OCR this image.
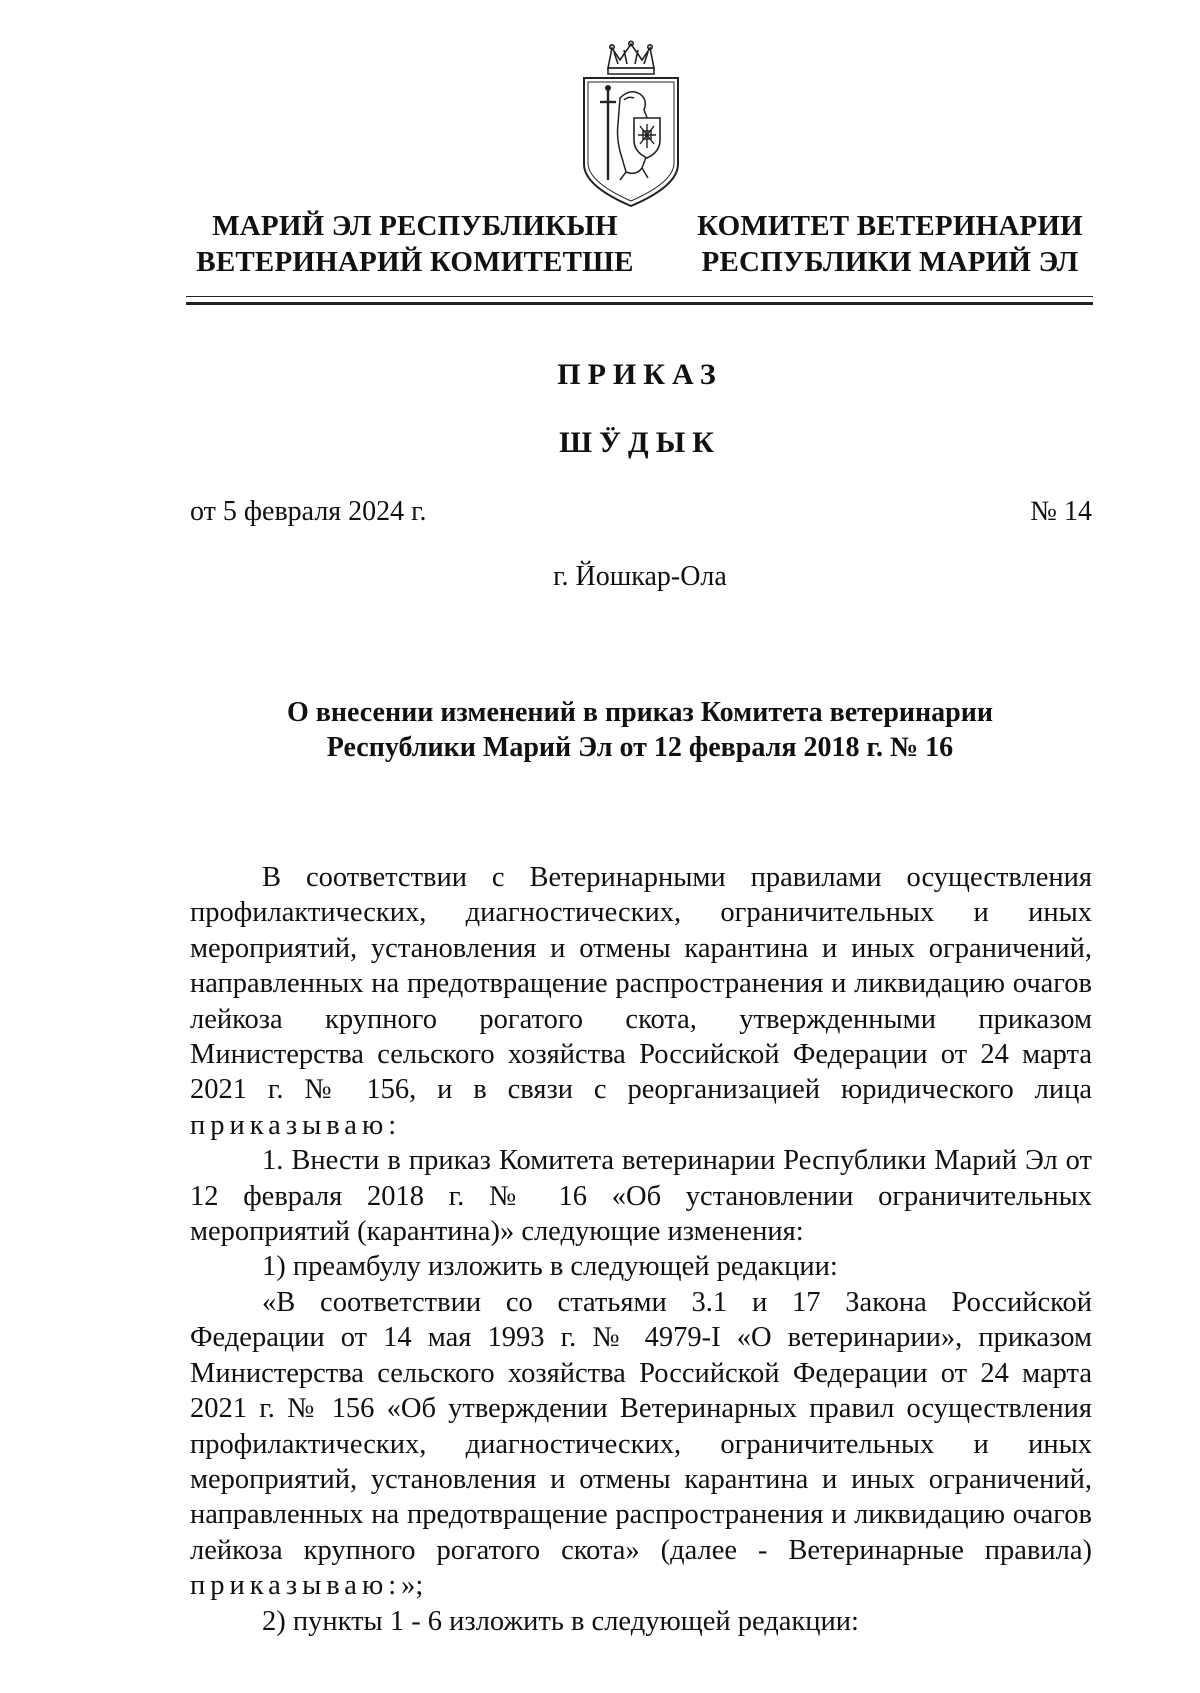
МАРИЙ ЭЛ РЕСПУБЛИКЫН
ВЕТЕРИНАРИЙ КОМИТЕТШЕ
КОМИТЕТ ВЕТЕРИНАРИИ
РЕСПУБЛИКИ МАРИЙ ЭЛ
ПРИКАЗ
ШӰДЫК
от 5 февраля 2024 г.	№ 14
г. Йошкар-Ола
О внесении изменений в приказ Комитета ветеринарии
Республики Марий Эл от 12 февраля 2018 г. № 16

В соответствии с Ветеринарными правилами осуществления профилактических, диагностических, ограничительных и иных мероприятий, установления и отмены карантина и иных ограничений, направленных на предотвращение распространения и ликвидацию очагов лейкоза крупного рогатого скота, утвержденными приказом Министерства сельского хозяйства Российской Федерации от 24 марта 2021 г. № 156, и в связи с реорганизацией юридического лица приказываю:

1. Внести в приказ Комитета ветеринарии Республики Марий Эл от 12 февраля 2018 г. № 16 «Об установлении ограничительных мероприятий (карантина)» следующие изменения:

1) преамбулу изложить в следующей редакции:

«В соответствии со статьями 3.1 и 17 Закона Российской Федерации от 14 мая 1993 г. № 4979-I «О ветеринарии», приказом Министерства сельского хозяйства Российской Федерации от 24 марта 2021 г. № 156 «Об утверждении Ветеринарных правил осуществления профилактических, диагностических, ограничительных и иных мероприятий, установления и отмены карантина и иных ограничений, направленных на предотвращение распространения и ликвидацию очагов лейкоза крупного рогатого скота» (далее - Ветеринарные правила) приказываю:»;

2) пункты 1 - 6 изложить в следующей редакции:
